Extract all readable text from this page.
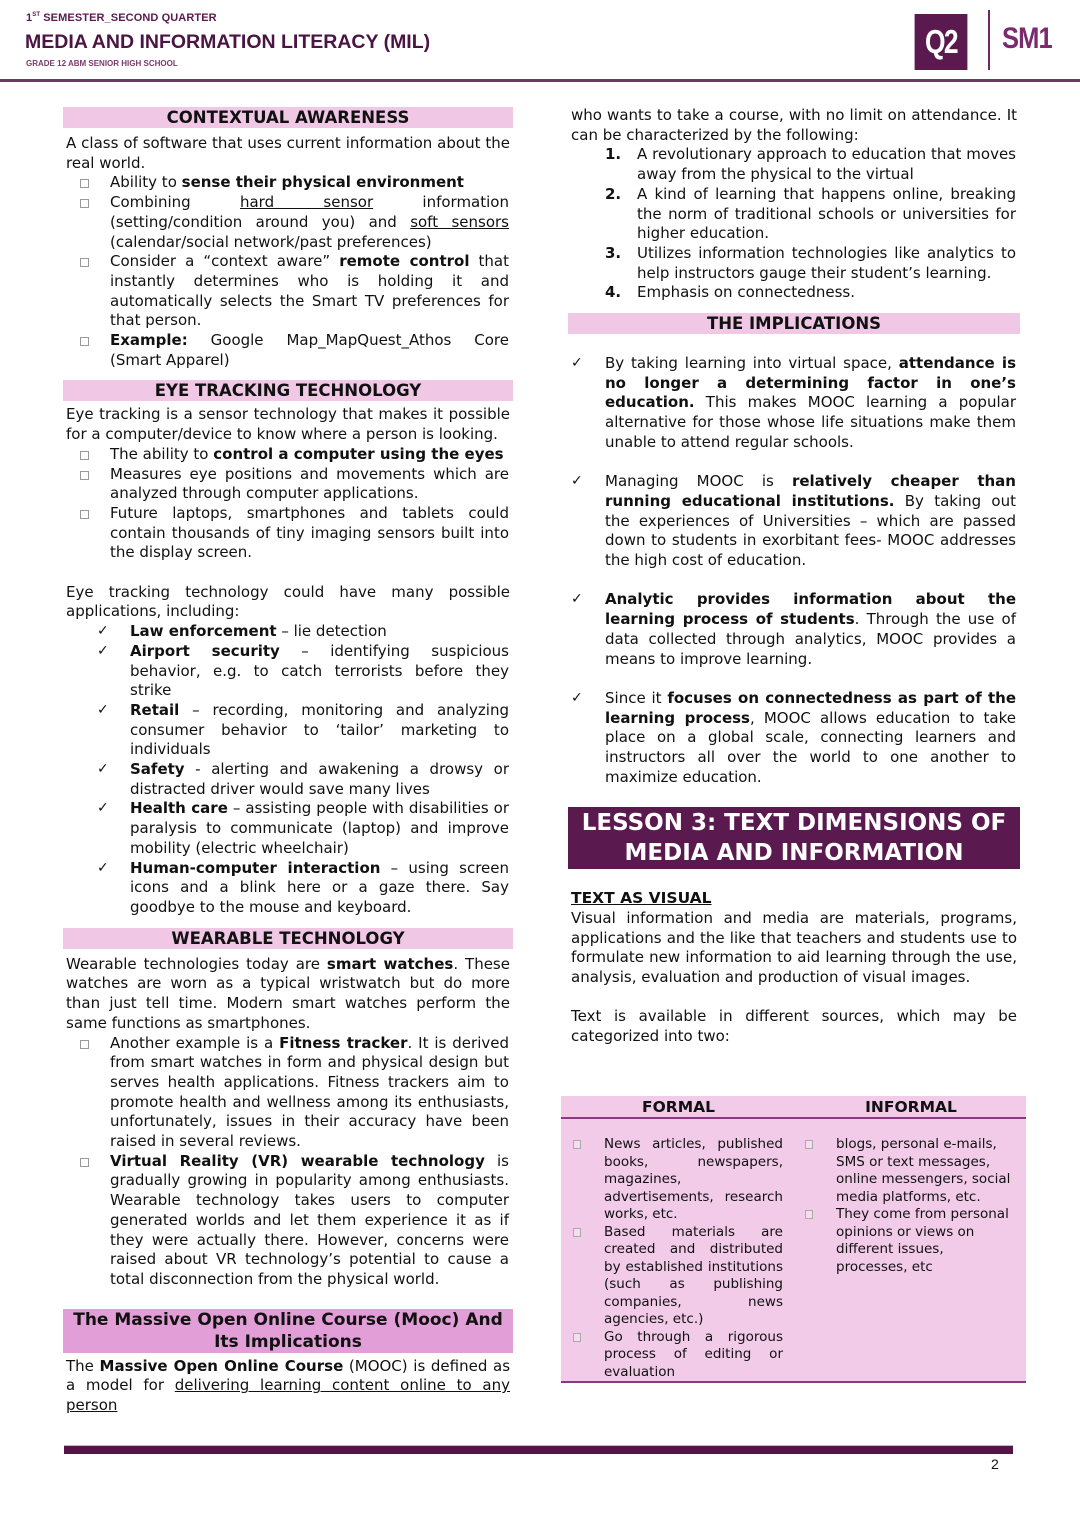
1ST SEMESTER_SECOND QUARTER
MEDIA AND INFORMATION LITERACY (MIL)
GRADE 12 ABM SENIOR HIGH SCHOOL
Q2	SM1
CONTEXTUAL AWARENESS

A class of software that uses current information about the real world.

Ability to sense their physical environment
Combining hard sensor information (setting/condition around you) and soft sensors (calendar/social network/past preferences)
Consider a “context aware” remote control that instantly determines who is holding it and automatically selects the Smart TV preferences for that person.
Example: Google Map_MapQuest_Athos Core (Smart Apparel)
EYE TRACKING TECHNOLOGY

Eye tracking is a sensor technology that makes it possible for a computer/device to know where a person is looking.

The ability to control a computer using the eyes
Measures eye positions and movements which are analyzed through computer applications.
Future laptops, smartphones and tablets could contain thousands of tiny imaging sensors built into the display screen.

Eye tracking technology could have many possible applications, including:

✓ Law enforcement – lie detection
✓ Airport security – identifying suspicious behavior, e.g. to catch terrorists before they strike
✓ Retail – recording, monitoring and analyzing consumer behavior to ‘tailor’ marketing to individuals
✓ Safety - alerting and awakening a drowsy or distracted driver would save many lives
✓ Health care – assisting people with disabilities or paralysis to communicate (laptop) and improve mobility (electric wheelchair)
✓ Human-computer interaction – using screen icons and a blink here or a gaze there. Say goodbye to the mouse and keyboard.
WEARABLE TECHNOLOGY

Wearable technologies today are smart watches. These watches are worn as a typical wristwatch but do more than just tell time. Modern smart watches perform the same functions as smartphones.

Another example is a Fitness tracker. It is derived from smart watches in form and physical design but serves health applications. Fitness trackers aim to promote health and wellness among its enthusiasts, unfortunately, issues in their accuracy have been raised in several reviews.
Virtual Reality (VR) wearable technology is gradually growing in popularity among enthusiasts. Wearable technology takes users to computer generated worlds and let them experience it as if they were actually there. However, concerns were raised about VR technology’s potential to cause a total disconnection from the physical world.
The Massive Open Online Course (Mooc) And Its Implications

The Massive Open Online Course (MOOC) is defined as a model for delivering learning content online to any person

who wants to take a course, with no limit on attendance. It can be characterized by the following:

1. A revolutionary approach to education that moves away from the physical to the virtual
2. A kind of learning that happens online, breaking the norm of traditional schools or universities for higher education.
3. Utilizes information technologies like analytics to help instructors gauge their student’s learning.
4. Emphasis on connectedness.
THE IMPLICATIONS
✓ By taking learning into virtual space, attendance is no longer a determining factor in one’s education. This makes MOOC learning a popular alternative for those whose life situations make them unable to attend regular schools.
✓ Managing MOOC is relatively cheaper than running educational institutions. By taking out the experiences of Universities – which are passed down to students in exorbitant fees- MOOC addresses the high cost of education.
✓ Analytic provides information about the learning process of students. Through the use of data collected through analytics, MOOC provides a means to improve learning.
✓ Since it focuses on connectedness as part of the learning process, MOOC allows education to take place on a global scale, connecting learners and instructors all over the world to one another to maximize education.
LESSON 3: TEXT DIMENSIONS OF MEDIA AND INFORMATION
TEXT AS VISUAL

Visual information and media are materials, programs, applications and the like that teachers and students use to formulate new information to aid learning through the use, analysis, evaluation and production of visual images.

Text is available in different sources, which may be categorized into two:

FORMAL	INFORMAL
News articles, published books, newspapers, magazines, advertisements, research works, etc.
Based materials are created and distributed by established institutions (such as publishing companies, news agencies, etc.)
Go through a rigorous process of editing or evaluation
blogs, personal e-mails, SMS or text messages, online messengers, social media platforms, etc.
They come from personal opinions or views on different issues, processes, etc
2
